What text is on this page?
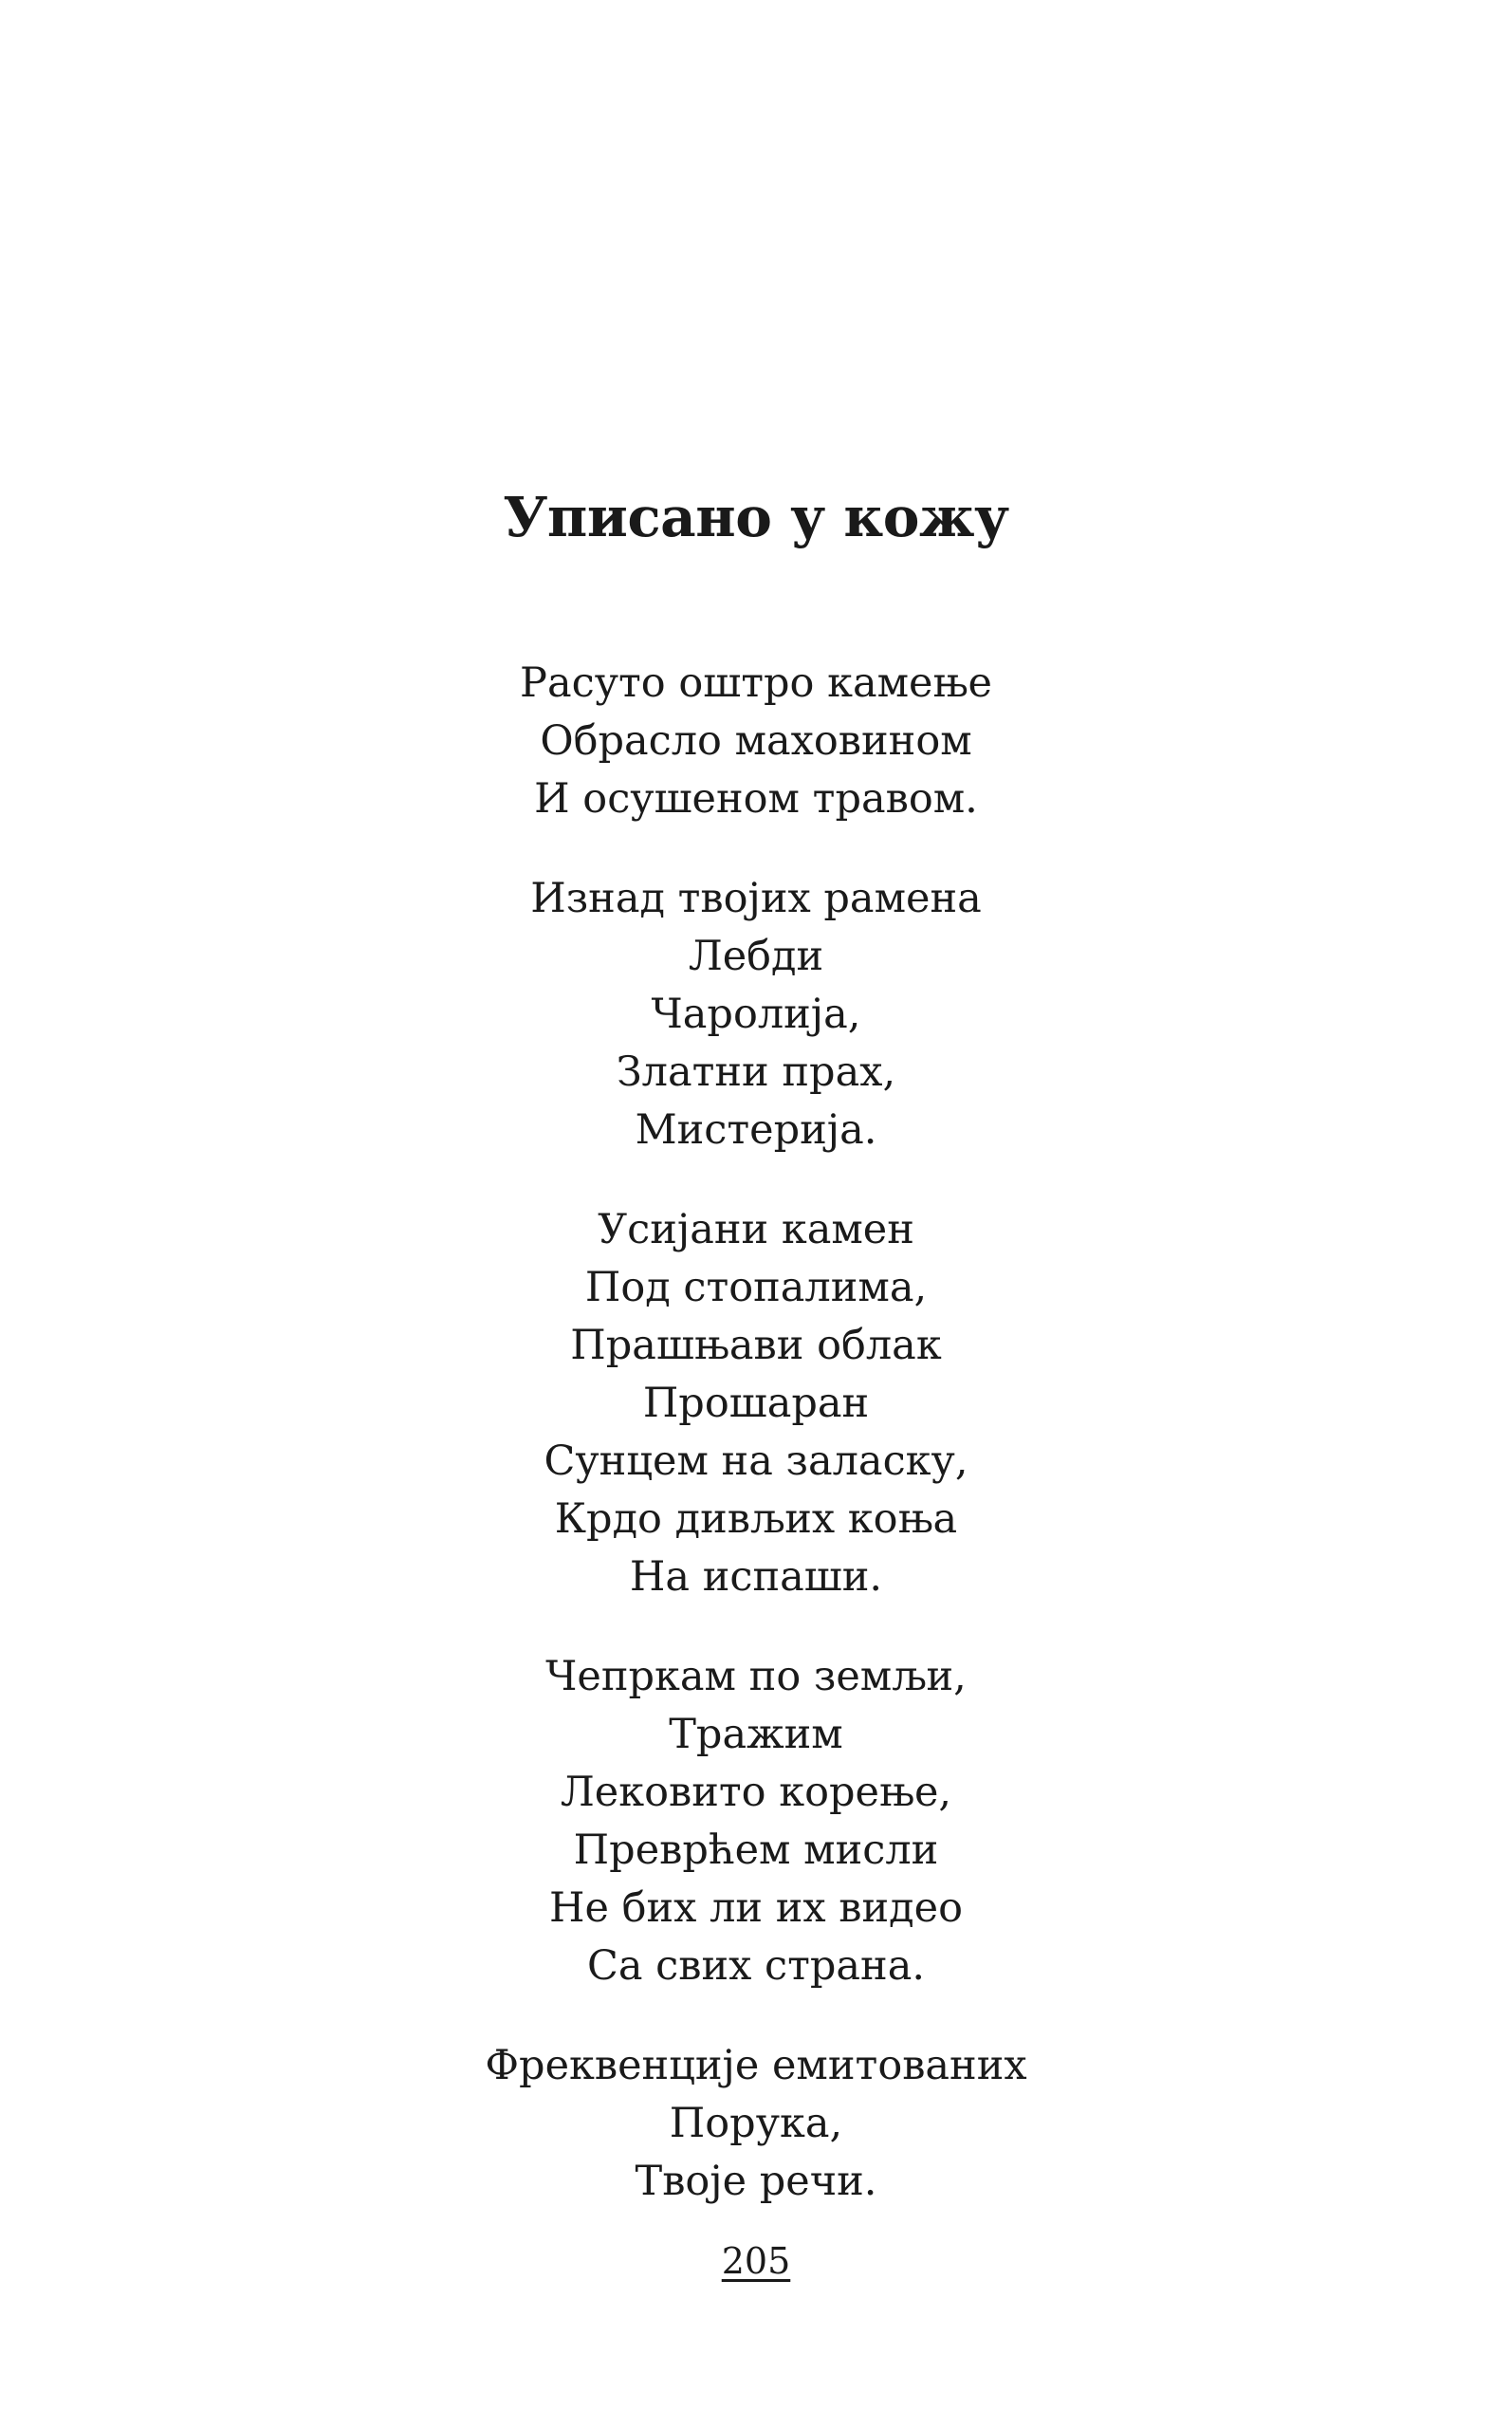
Уписано у кожу
Расуто оштро камење
Обрасло маховином
И осушеном травом.
Изнад твојих рамена
Лебди
Чаролија,
Златни прах,
Мистерија.
Усијани камен
Под стопалима,
Прашњави облак
Прошаран
Сунцем на заласку,
Крдо дивљих коња
На испаши.
Чепркам по земљи,
Тражим
Лековито корење,
Преврћем мисли
Не бих ли их видео
Са свих страна.
Фреквенције емитованих
Порука,
Твоје речи.
205
